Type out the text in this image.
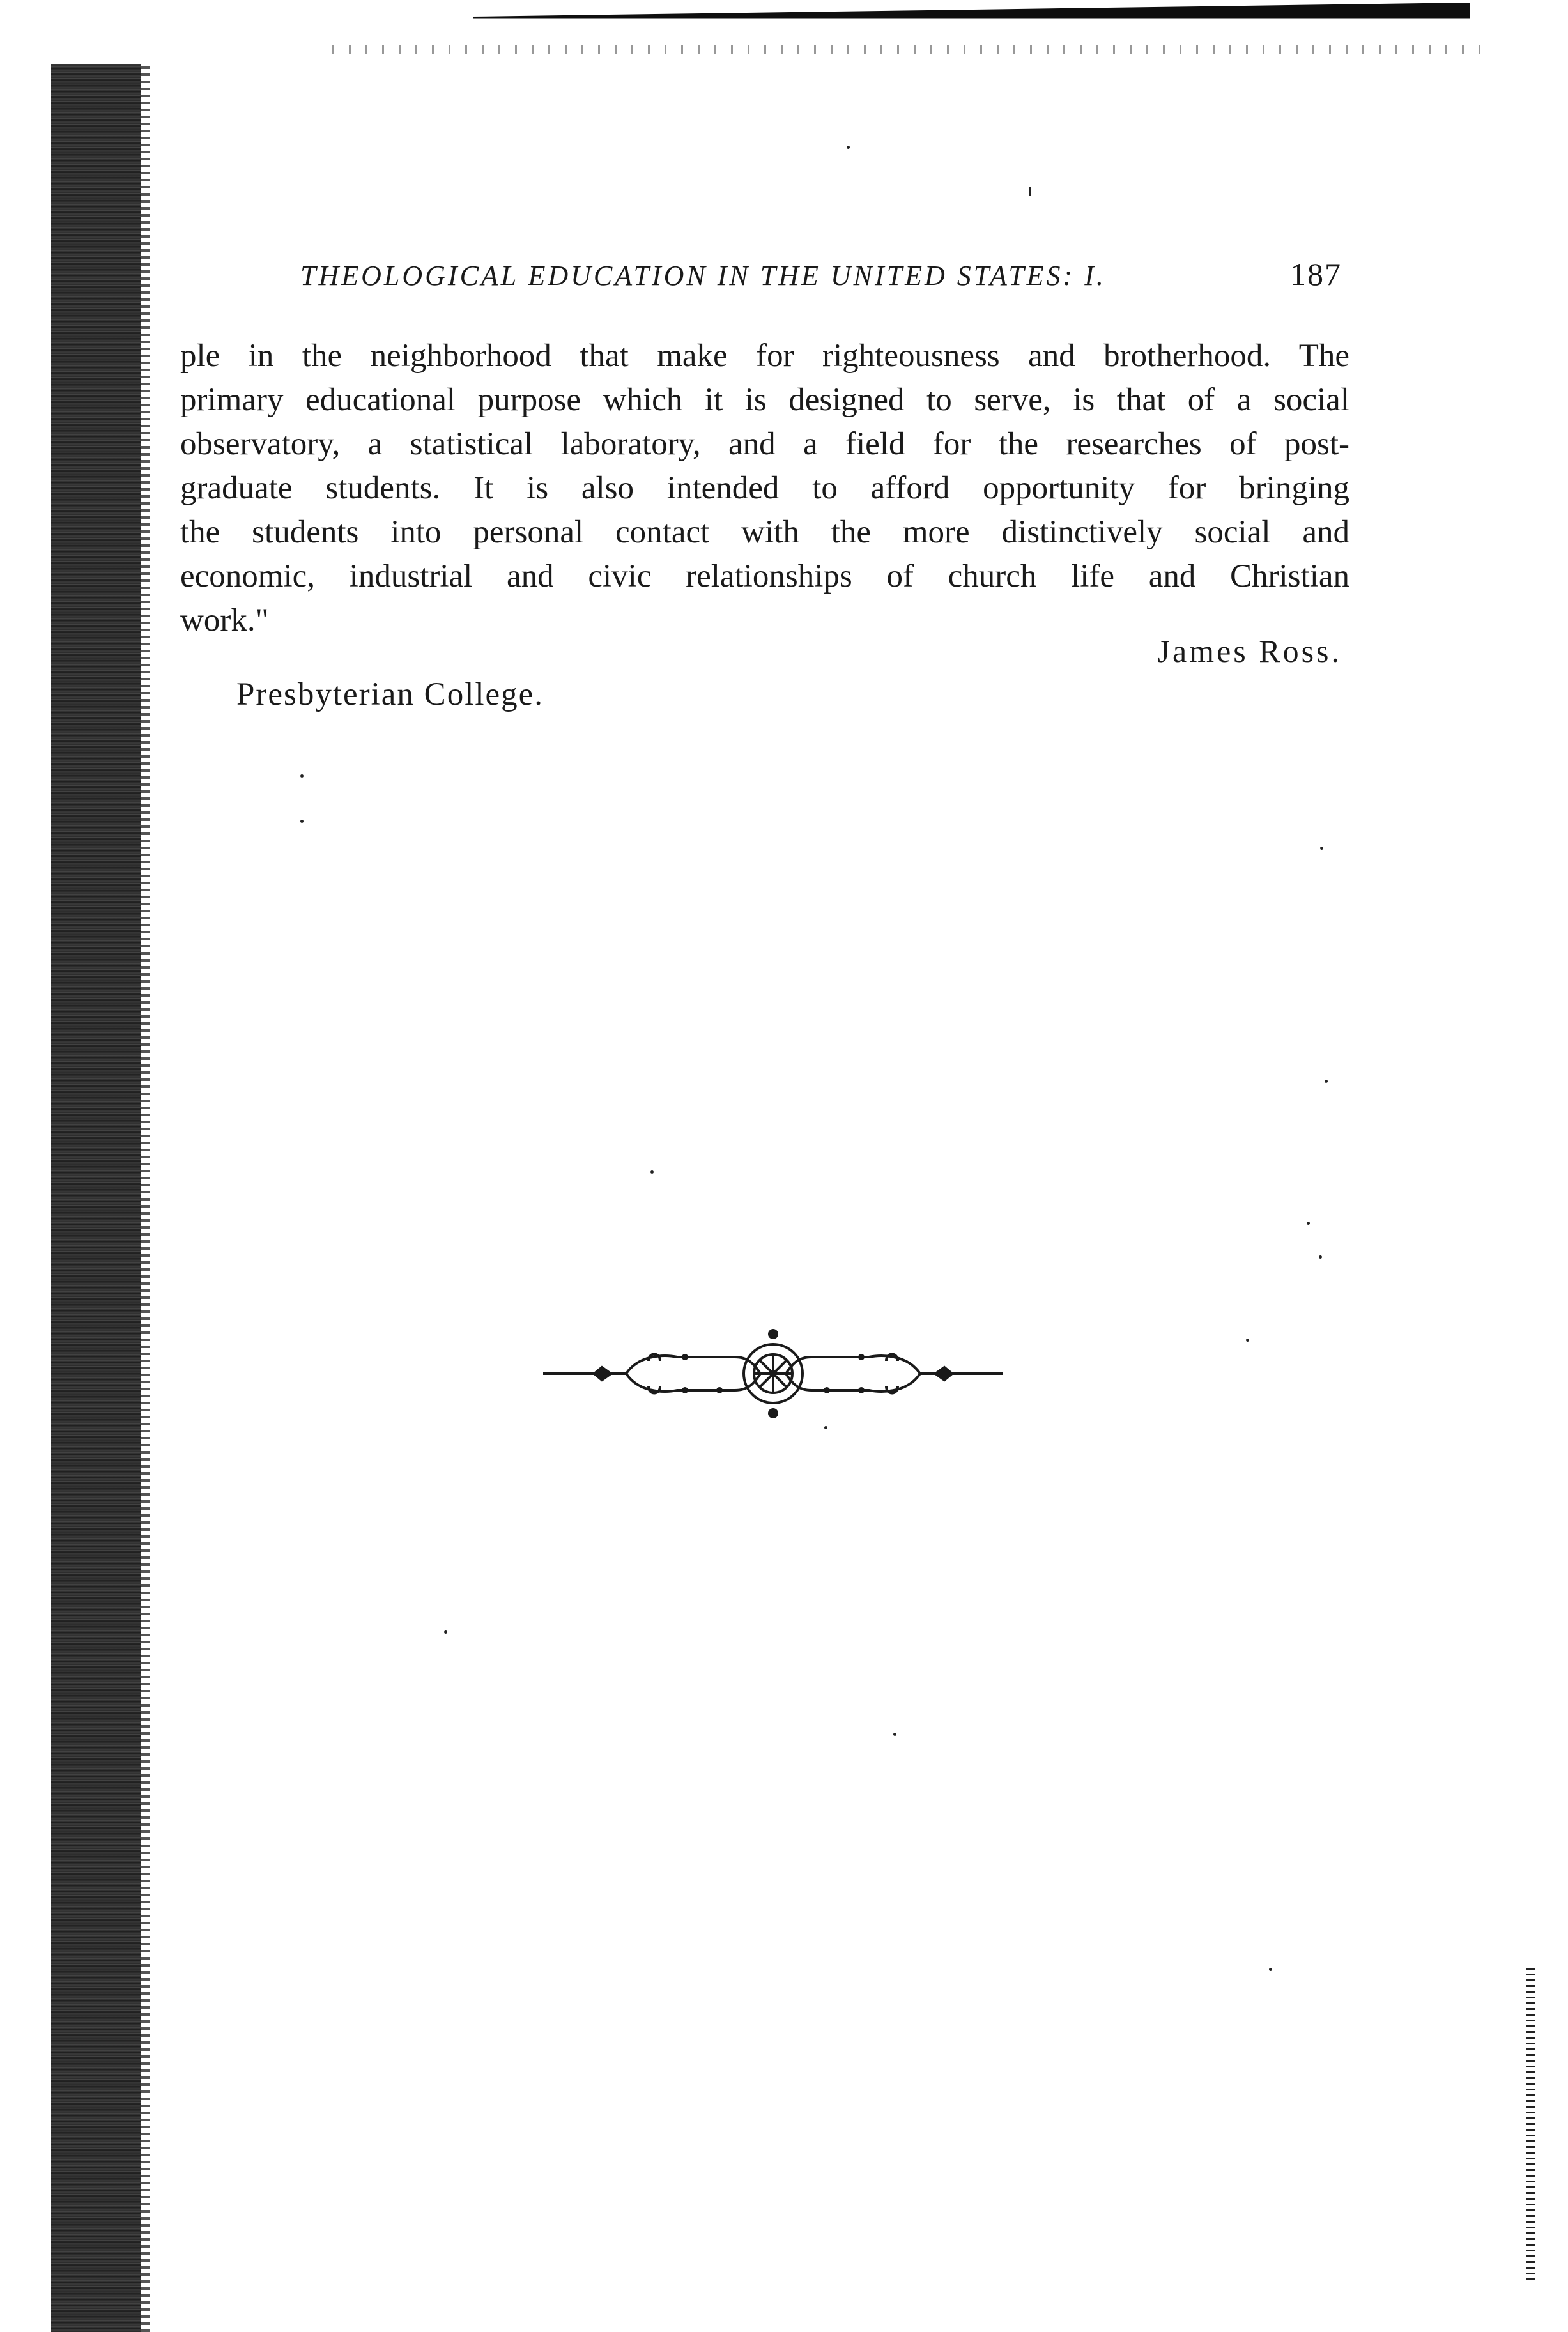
THEOLOGICAL EDUCATION IN THE UNITED STATES: I.	187
ple in the neighborhood that make for righteousness and brotherhood. The
primary educational purpose which it is designed to serve, is that of a social
observatory, a statistical laboratory, and a field for the researches of post-
graduate students. It is also intended to afford opportunity for bringing
the students into personal contact with the more distinctively social and
economic, industrial and civic relationships of church life and Christian
work."
James Ross.
Presbyterian College.
